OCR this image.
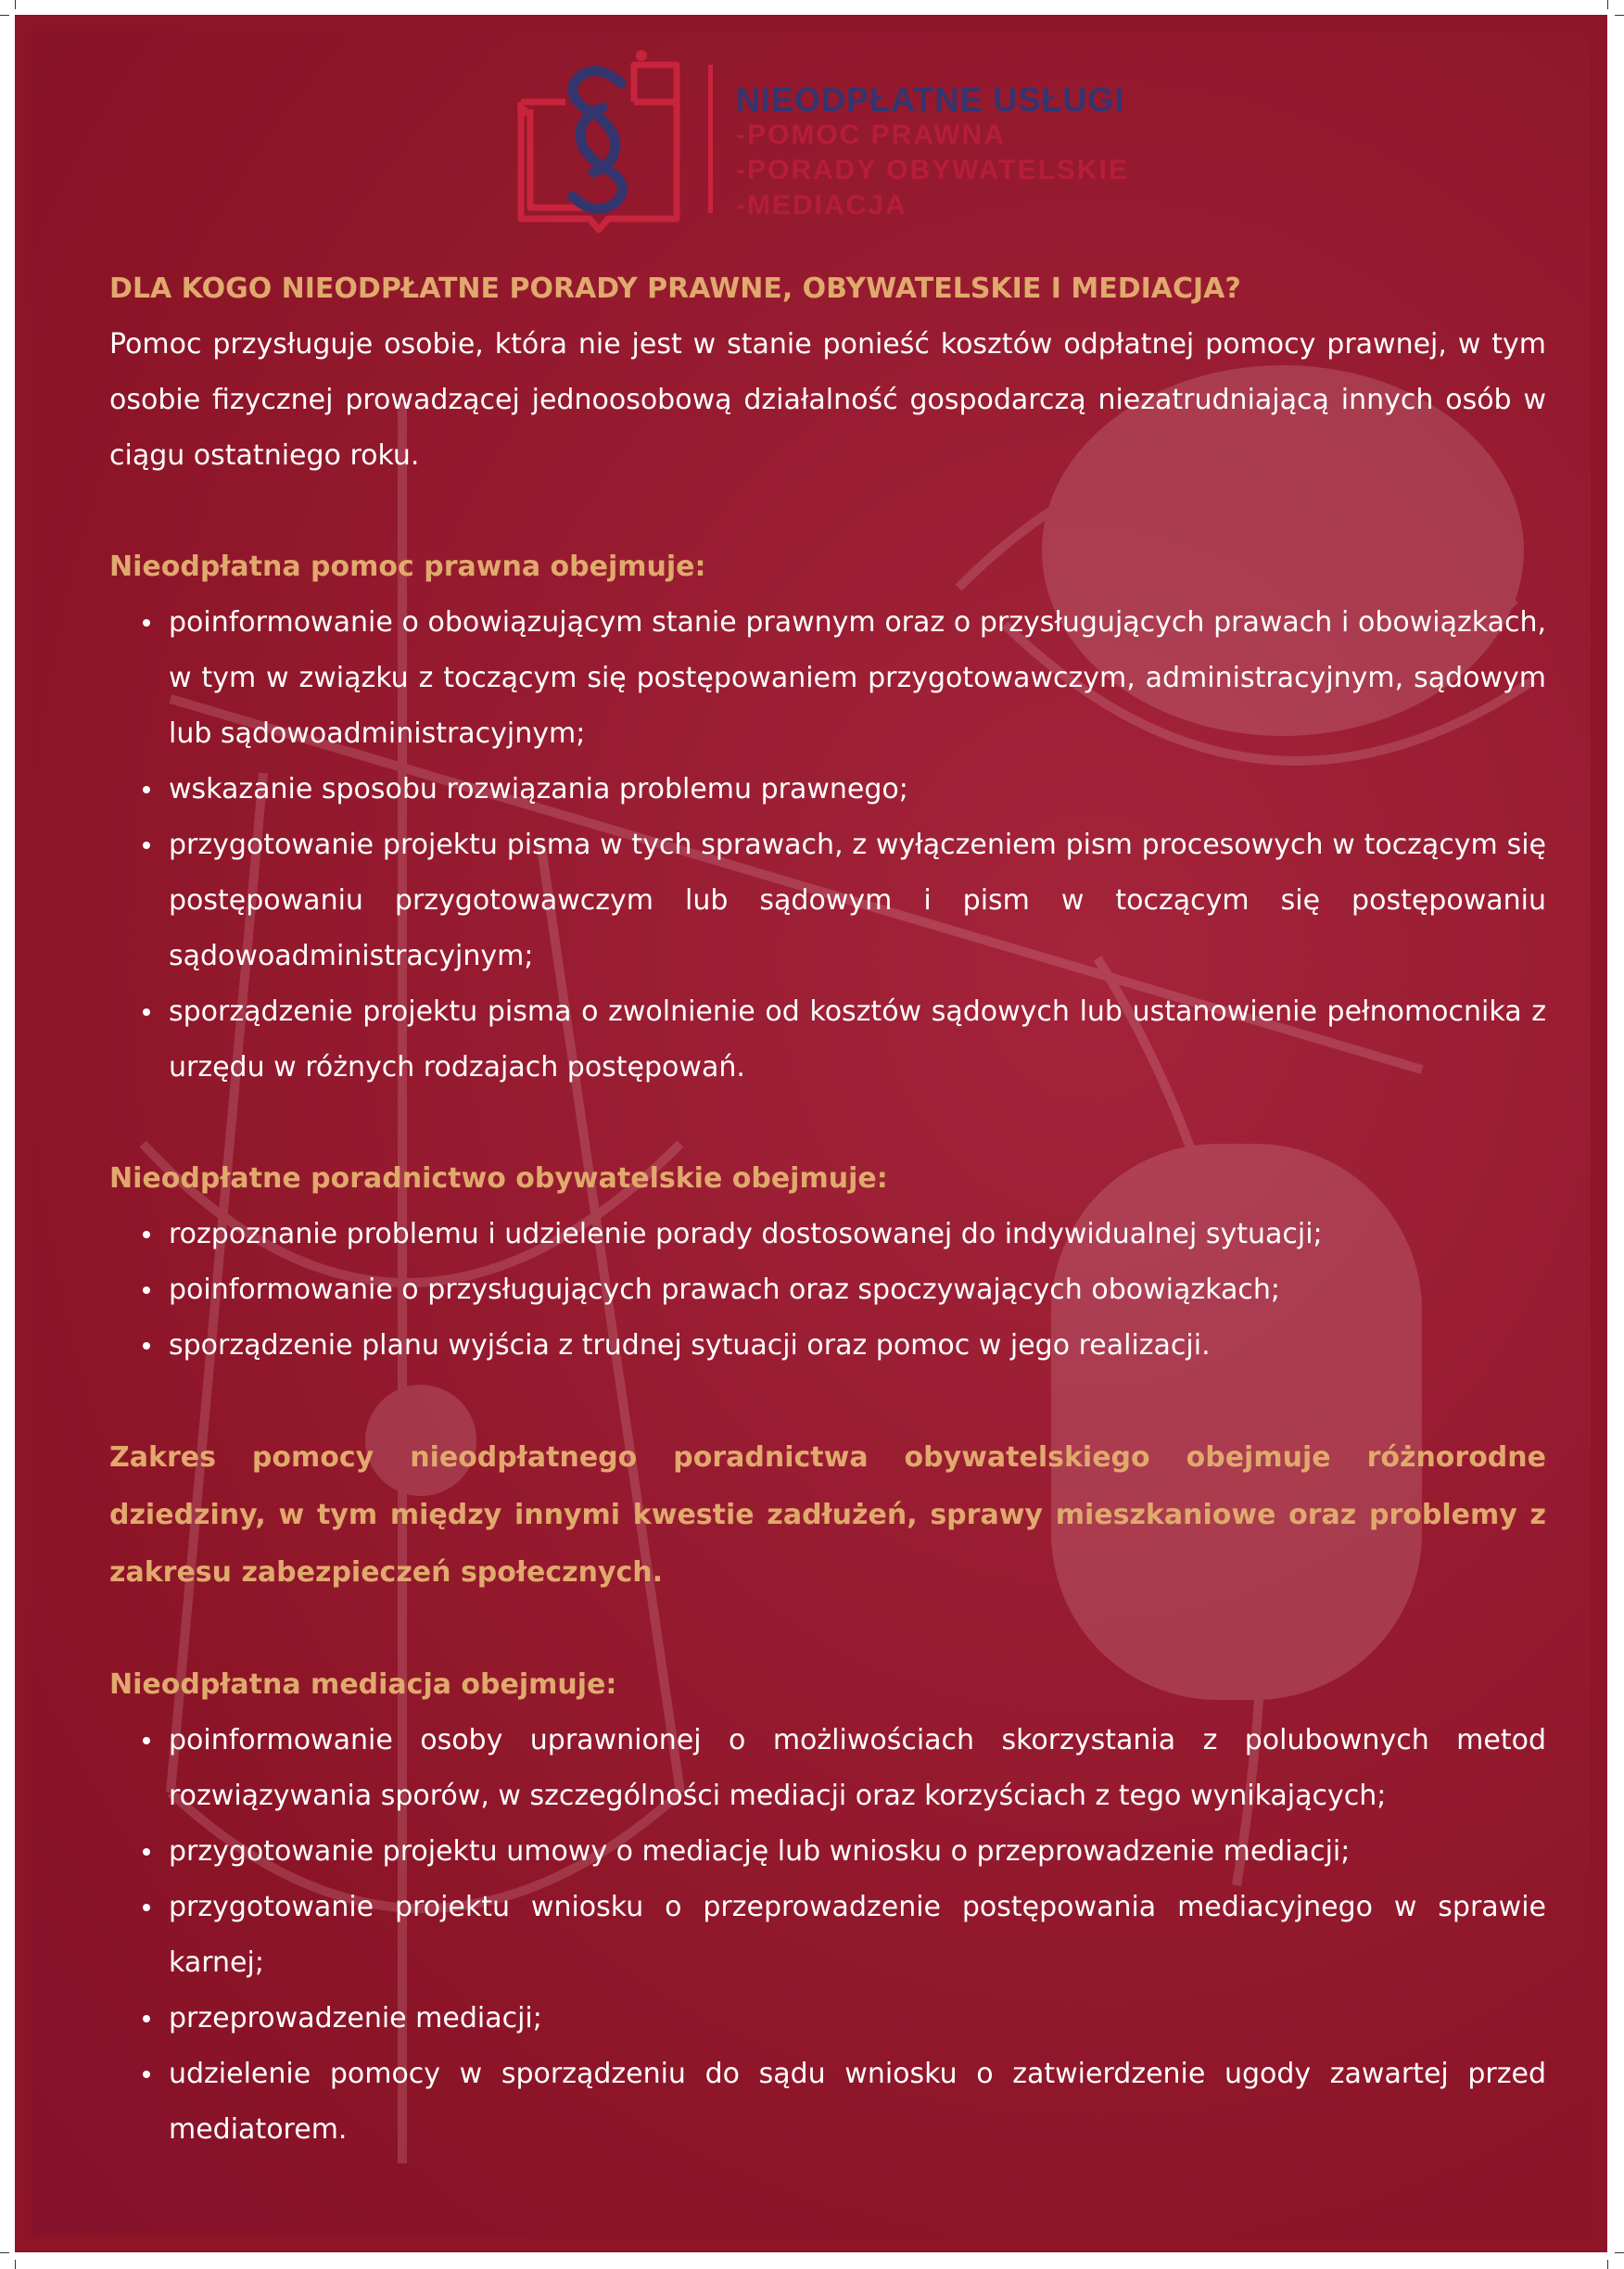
NIEODPŁATNE USŁUGI
-POMOC PRAWNA
-PORADY OBYWATELSKIE
-MEDIACJA

DLA KOGO NIEODPŁATNE PORADY PRAWNE, OBYWATELSKIE I MEDIACJA?

Pomoc przysługuje osobie, która nie jest w stanie ponieść kosztów odpłatnej pomocy prawnej, w tym osobie fizycznej prowadzącej jednoosobową działalność gospodarczą niezatrudniającą innych osób w ciągu ostatniego roku.

Nieodpłatna pomoc prawna obejmuje:

poinformowanie o obowiązującym stanie prawnym oraz o przysługujących prawach i obowiązkach, w tym w związku z toczącym się postępowaniem przygotowawczym, administracyjnym, sądowym lub sądowoadministracyjnym;
wskazanie sposobu rozwiązania problemu prawnego;
przygotowanie projektu pisma w tych sprawach, z wyłączeniem pism procesowych w toczącym się postępowaniu przygotowawczym lub sądowym i pism w toczącym się postępowaniu sądowoadministracyjnym;
sporządzenie projektu pisma o zwolnienie od kosztów sądowych lub ustanowienie pełnomocnika z urzędu w różnych rodzajach postępowań.

Nieodpłatne poradnictwo obywatelskie obejmuje:

rozpoznanie problemu i udzielenie porady dostosowanej do indywidualnej sytuacji;
poinformowanie o przysługujących prawach oraz spoczywających obowiązkach;
sporządzenie planu wyjścia z trudnej sytuacji oraz pomoc w jego realizacji.

Zakres pomocy nieodpłatnego poradnictwa obywatelskiego obejmuje różnorodne dziedziny, w tym między innymi kwestie zadłużeń, sprawy mieszkaniowe oraz problemy z zakresu zabezpieczeń społecznych.

Nieodpłatna mediacja obejmuje:

poinformowanie osoby uprawnionej o możliwościach skorzystania z polubownych metod rozwiązywania sporów, w szczególności mediacji oraz korzyściach z tego wynikających;
przygotowanie projektu umowy o mediację lub wniosku o przeprowadzenie mediacji;
przygotowanie projektu wniosku o przeprowadzenie postępowania mediacyjnego w sprawie karnej;
przeprowadzenie mediacji;
udzielenie pomocy w sporządzeniu do sądu wniosku o zatwierdzenie ugody zawartej przed mediatorem.
